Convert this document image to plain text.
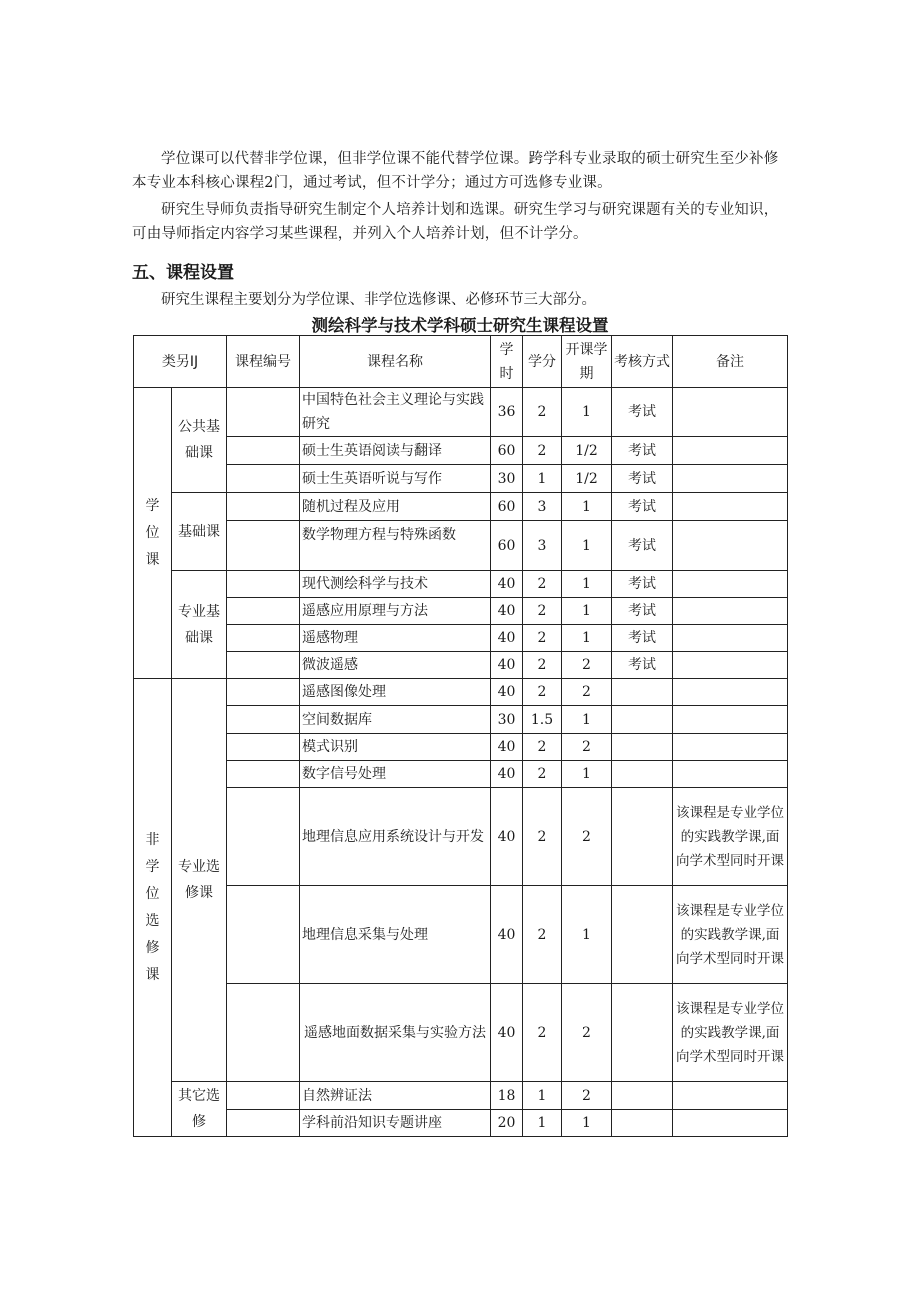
学位课可以代替非学位课，但非学位课不能代替学位课。跨学科专业录取的硕士研究生至少补修本专业本科核心课程2门，通过考试，但不计学分；通过方可选修专业课。

研究生导师负责指导研究生制定个人培养计划和选课。研究生学习与研究课题有关的专业知识，可由导师指定内容学习某些课程，并列入个人培养计划，但不计学分。

五、课程设置

研究生课程主要划分为学位课、非学位选修课、必修环节三大部分。

测绘科学与技术学科硕士研究生课程设置
类另IJ		课程编号	课程名称	学时	学分	开课学期	考核方式	备注
学位课	公共基础课		中国特色社会主义理论与实践研究	36	2	1	考试	
			硕士生英语阅读与翻译	60	2	1/2	考试	
			硕士生英语听说与写作	30	1	1/2	考试	
	基础课		随机过程及应用	60	3	1	考试	
			数学物理方程与特殊函数	60	3	1	考试	
	专业基础课		现代测绘科学与技术	40	2	1	考试	
			遥感应用原理与方法	40	2	1	考试	
			遥感物理	40	2	1	考试	
			微波遥感	40	2	2	考试	
非学位选修课	专业选修课		遥感图像处理	40	2	2		
			空间数据库	30	1.5	1		
			模式识别	40	2	2		
			数字信号处理	40	2	1		
			地理信息应用系统设计与开发	40	2	2		该课程是专业学位的实践教学课,面向学术型同时开课
			地理信息采集与处理	40	2	1		该课程是专业学位的实践教学课,面向学术型同时开课
			遥感地面数据采集与实验方法	40	2	2		该课程是专业学位的实践教学课,面向学术型同时开课
	其它选修		自然辨证法	18	1	2		
			学科前沿知识专题讲座	20	1	1		
